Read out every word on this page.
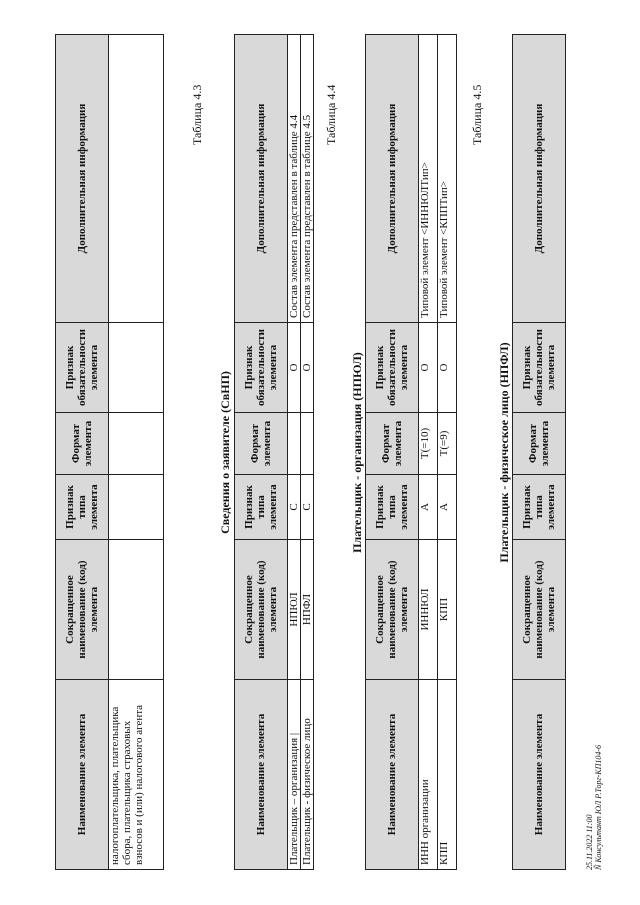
Наименование элемента	Сокращенное наименование (код) элемента	Признак типа элемента	Формат элемента	Признак обязательности элемента	Дополнительная информация
налогоплательщика, плательщика сбора, плательщика страховых взносов и (или) налогового агента					
Таблица 4.3
Сведения о заявителе (СвНП)
Наименование элемента	Сокращенное наименование (код) элемента	Признак типа элемента	Формат элемента	Признак обязательности элемента	Дополнительная информация
Плательщик – организация |	НПЮЛ	С		О	Состав элемента представлен в таблице 4.4
Плательщик - физическое лицо	НПФЛ	С		О	Состав элемента представлен в таблице 4.5 Таблица 4.4
Плательщик - организация (НПЮЛ)
Наименование элемента	Сокращенное наименование (код) элемента	Признак типа элемента	Формат элемента	Признак обязательности элемента	Дополнительная информация
ИНН организации	ИННЮЛ	А	T(=10)	О	Типовой элемент <ИННЮЛТип>
КПП	КПП	А	T(=9)	О	Типовой элемент <КППТип>
Таблица 4.5
Плательщик - физическое лицо (НПФЛ)
Наименование элемента	Сокращенное наименование (код) элемента	Признак типа элемента	Формат элемента	Признак обязательности элемента	Дополнительная информация
25.11.2022 11:00 Ñ Консультант ЮЛ Р.Торг-КП104-6
